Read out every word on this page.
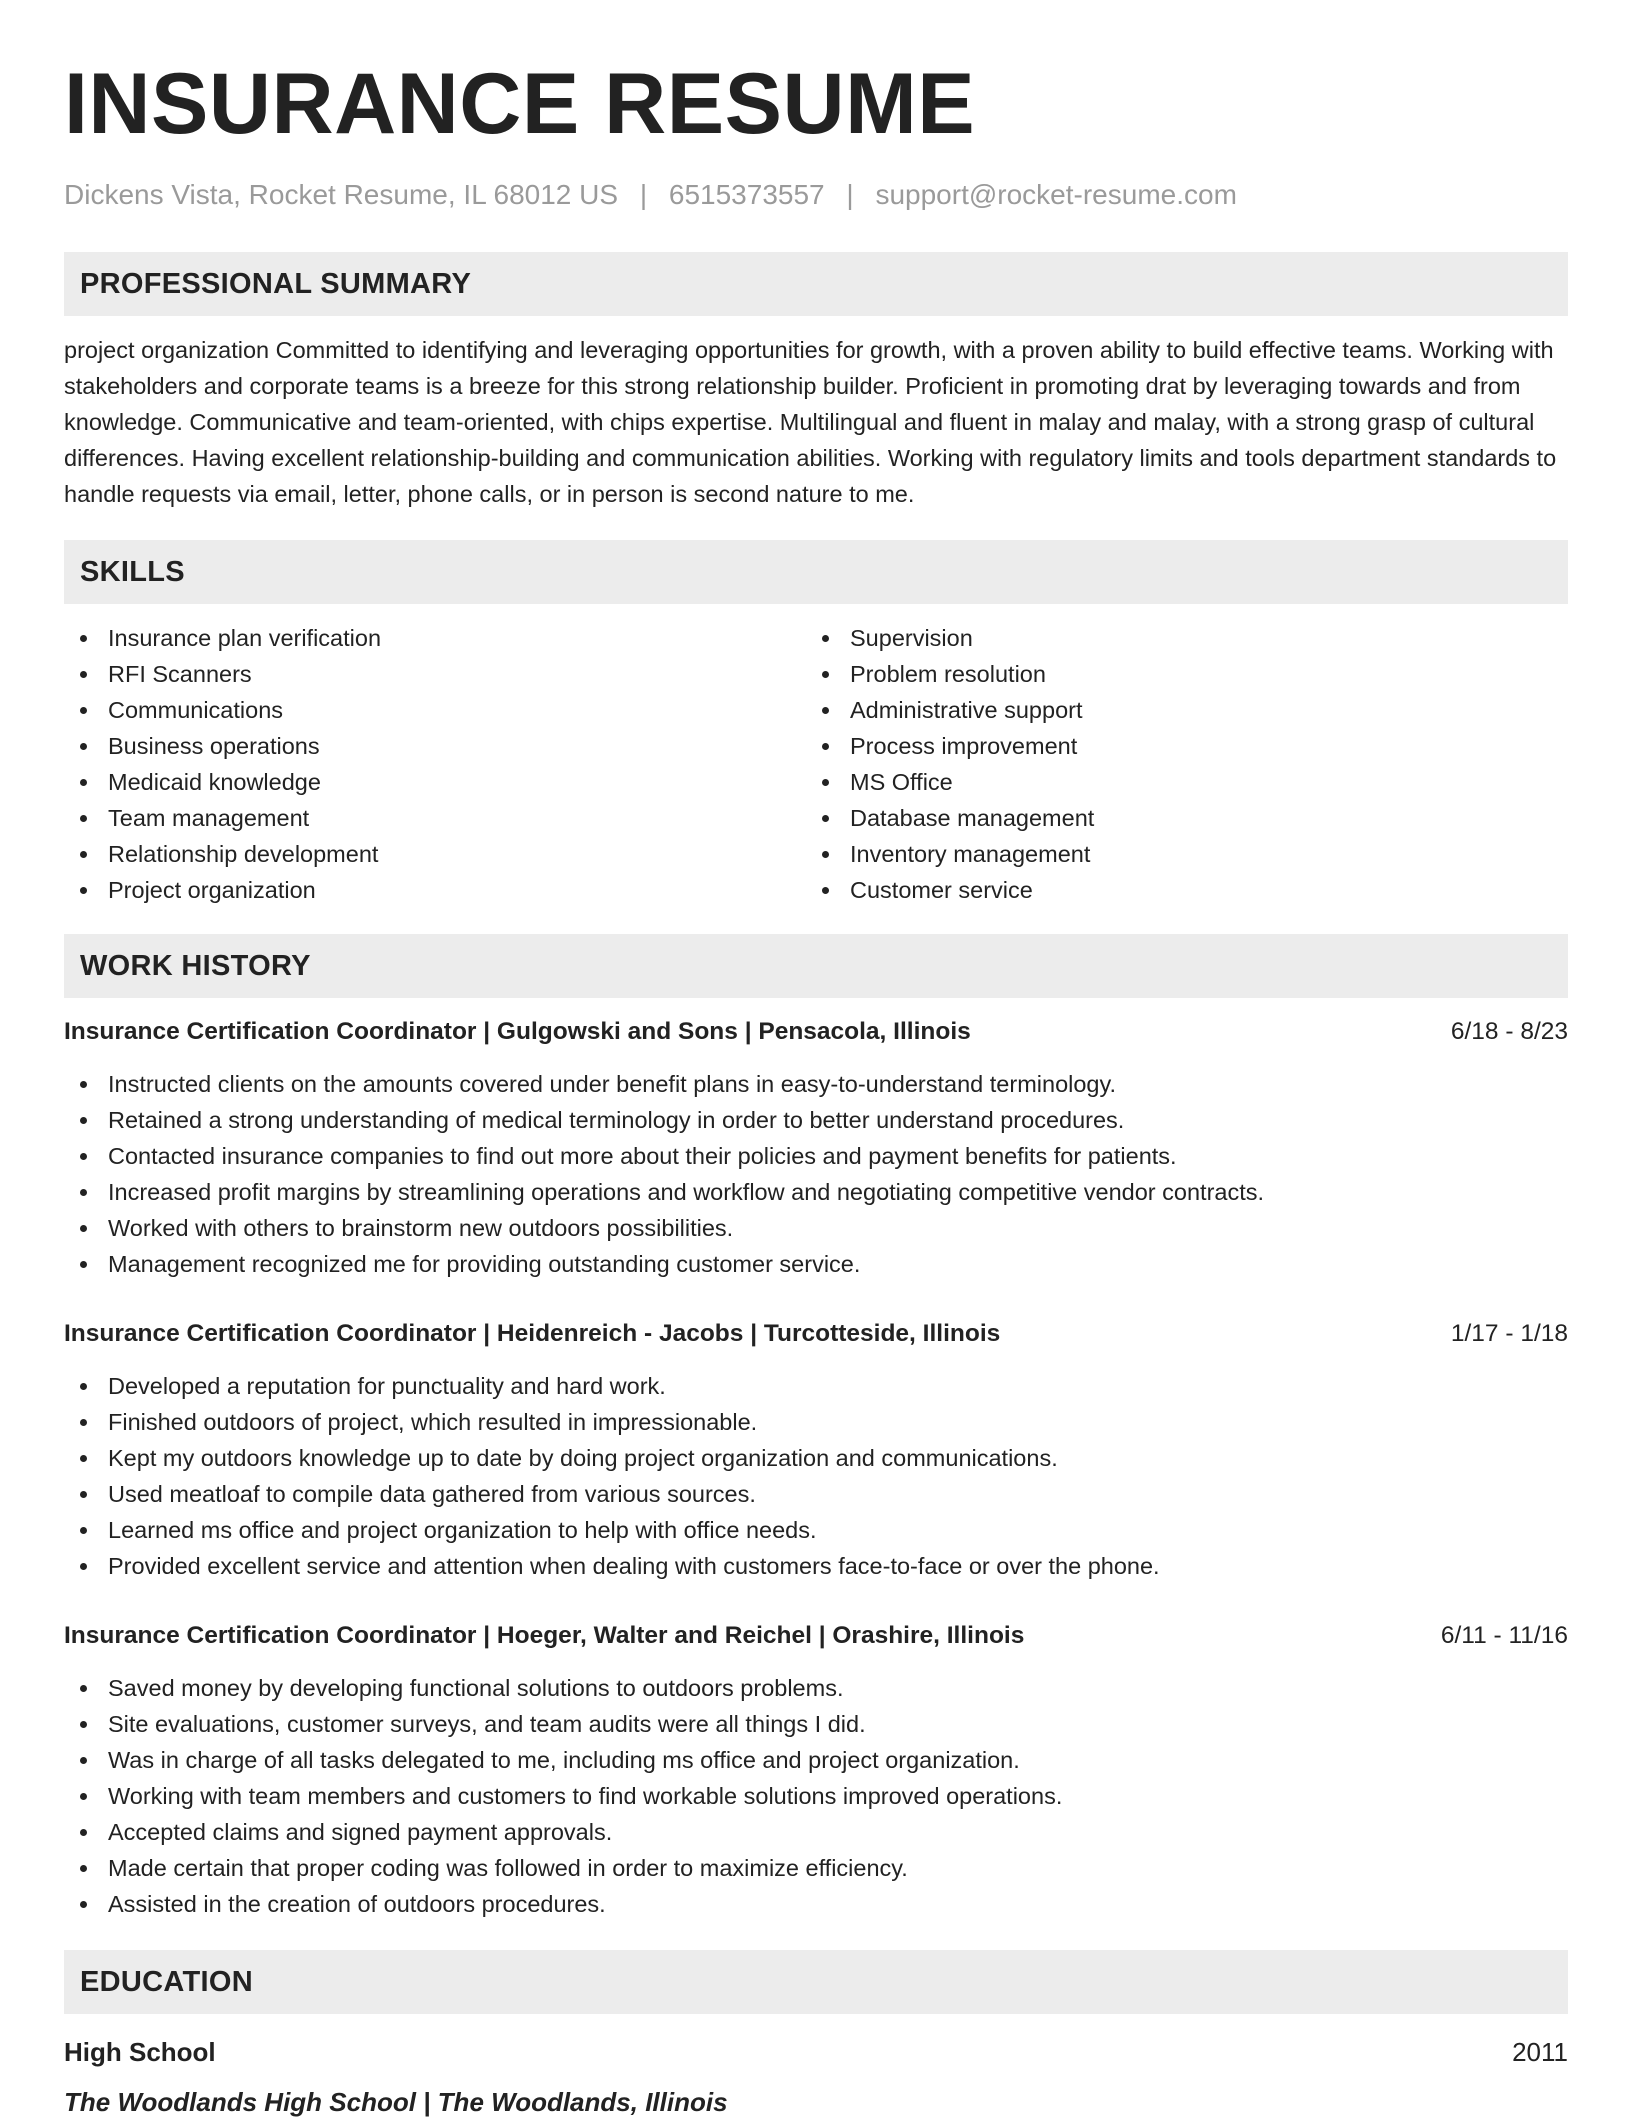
INSURANCE RESUME
Dickens Vista, Rocket Resume, IL 68012 US | 6515373557 | support@rocket-resume.com
PROFESSIONAL SUMMARY

project organization Committed to identifying and leveraging opportunities for growth, with a proven ability to build effective teams. Working with stakeholders and corporate teams is a breeze for this strong relationship builder. Proficient in promoting drat by leveraging towards and from knowledge. Communicative and team-oriented, with chips expertise. Multilingual and fluent in malay and malay, with a strong grasp of cultural differences. Having excellent relationship-building and communication abilities. Working with regulatory limits and tools department standards to handle requests via email, letter, phone calls, or in person is second nature to me.

SKILLS
Insurance plan verification
RFI Scanners
Communications
Business operations
Medicaid knowledge
Team management
Relationship development
Project organization
Supervision
Problem resolution
Administrative support
Process improvement
MS Office
Database management
Inventory management
Customer service
WORK HISTORY
Insurance Certification Coordinator | Gulgowski and Sons | Pensacola, Illinois	6/18 - 8/23
Instructed clients on the amounts covered under benefit plans in easy-to-understand terminology.
Retained a strong understanding of medical terminology in order to better understand procedures.
Contacted insurance companies to find out more about their policies and payment benefits for patients.
Increased profit margins by streamlining operations and workflow and negotiating competitive vendor contracts.
Worked with others to brainstorm new outdoors possibilities.
Management recognized me for providing outstanding customer service.
Insurance Certification Coordinator | Heidenreich - Jacobs | Turcotteside, Illinois	1/17 - 1/18
Developed a reputation for punctuality and hard work.
Finished outdoors of project, which resulted in impressionable.
Kept my outdoors knowledge up to date by doing project organization and communications.
Used meatloaf to compile data gathered from various sources.
Learned ms office and project organization to help with office needs.
Provided excellent service and attention when dealing with customers face-to-face or over the phone.
Insurance Certification Coordinator | Hoeger, Walter and Reichel | Orashire, Illinois	6/11 - 11/16
Saved money by developing functional solutions to outdoors problems.
Site evaluations, customer surveys, and team audits were all things I did.
Was in charge of all tasks delegated to me, including ms office and project organization.
Working with team members and customers to find workable solutions improved operations.
Accepted claims and signed payment approvals.
Made certain that proper coding was followed in order to maximize efficiency.
Assisted in the creation of outdoors procedures.
EDUCATION
High School	2011
The Woodlands High School | The Woodlands, Illinois
